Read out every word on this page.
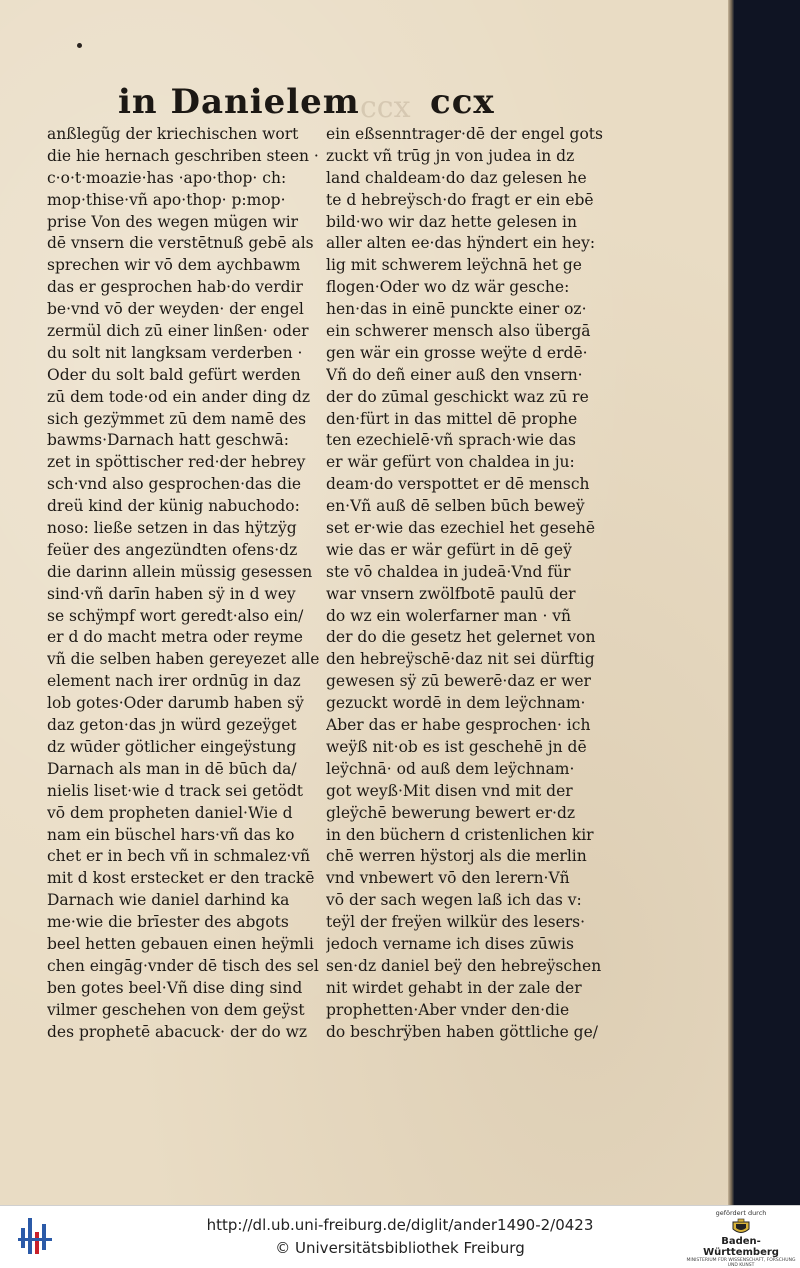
in Danielem ccx ccx
anßlegũg der kriechischen wort
die hie hernach geschriben steen ·
c·o·t·moazie·has ·apo·thop· ch:
mop·thise·vñ apo·thop· p:mop·
prise Von des wegen mügen wir
dē vnsern die verstētnuß gebē als
sprechen wir vō dem aychbawm
das er gesprochen hab·do verdir
be·vnd vō der weyden· der engel
zermül dich zū einer linßen· oder
du solt nit langksam verderben ·
Oder du solt bald gefürt werden
zū dem tode·od ein ander ding dz
sich gezÿmmet zū dem namē des
bawms·Darnach hatt geschwā:
zet in spöttischer red·der hebrey
sch·vnd also gesprochen·das die
dreü kind der künig nabuchodo:
noso: ließe setzen in das hÿtzÿg
feüer des angezündten ofens·dz
die darinn allein müssig gesessen
sind·vñ darīn haben sÿ in d wey
se schÿmpf wort geredt·also ein/
er d do macht metra oder reyme
vñ die selben haben gereyezet alle
element nach irer ordnūg in daz
lob gotes·Oder darumb haben sÿ
daz geton·das jn würd gezeÿget
dz wūder götlicher eingeÿstung
Darnach als man in dē būch da/
nielis liset·wie d track sei getödt
vō dem propheten daniel·Wie d
nam ein büschel hars·vñ das ko
chet er in bech vñ in schmalez·vñ
mit d kost erstecket er den trackē
Darnach wie daniel darhind ka
me·wie die brīester des abgots
beel hetten gebauen einen heÿmli
chen eingāg·vnder dē tisch des sel
ben gotes beel·Vñ dise ding sind
vilmer geschehen von dem geÿst
des prophetē abacuck· der do wz
ein eßsenntrager·dē der engel gots
zuckt vñ trūg jn von judea in dz
land chaldeam·do daz gelesen he
te d hebreÿsch·do fragt er ein ebē
bild·wo wir daz hette gelesen in
aller alten ee·das hÿndert ein hey:
lig mit schwerem leÿchnā het ge
flogen·Oder wo dz wär gesche:
hen·das in einē punckte einer oz·
ein schwerer mensch also übergā
gen wär ein grosse weÿte d erdē·
Vñ do deñ einer auß den vnsern·
der do zūmal geschickt waz zū re
den·fürt in das mittel dē prophe
ten ezechielē·vñ sprach·wie das
er wär gefürt von chaldea in ju:
deam·do verspottet er dē mensch
en·Vñ auß dē selben būch beweÿ
set er·wie das ezechiel het gesehē
wie das er wär gefürt in dē geÿ
ste vō chaldea in judeā·Vnd für
war vnsern zwölfbotē paulū der
do wz ein wolerfarner man · vñ
der do die gesetz het gelernet von
den hebreÿschē·daz nit sei dürftig
gewesen sÿ zū bewerē·daz er wer
gezuckt wordē in dem leÿchnam·
Aber das er habe gesprochen· ich
weÿß nit·ob es ist geschehē jn dē
leÿchnā· od auß dem leÿchnam·
got weyß·Mit disen vnd mit der
gleÿchē bewerung bewert er·dz
in den büchern d cristenlichen kir
chē werren hÿstorj als die merlin
vnd vnbewert vō den lerern·Vñ
vō der sach wegen laß ich das v:
teÿl der freÿen wilkür des lesers·
jedoch vername ich dises zūwis
sen·dz daniel beÿ den hebreÿschen
nit wirdet gehabt in der zale der
prophetten·Aber vnder den·die
do beschrÿben haben göttliche ge/
http://dl.ub.uni-freiburg.de/diglit/ander1490-2/0423
© Universitätsbibliothek Freiburg
gefördert durch
Baden-Württemberg
MINISTERIUM FÜR WISSENSCHAFT, FORSCHUNG UND KUNST
